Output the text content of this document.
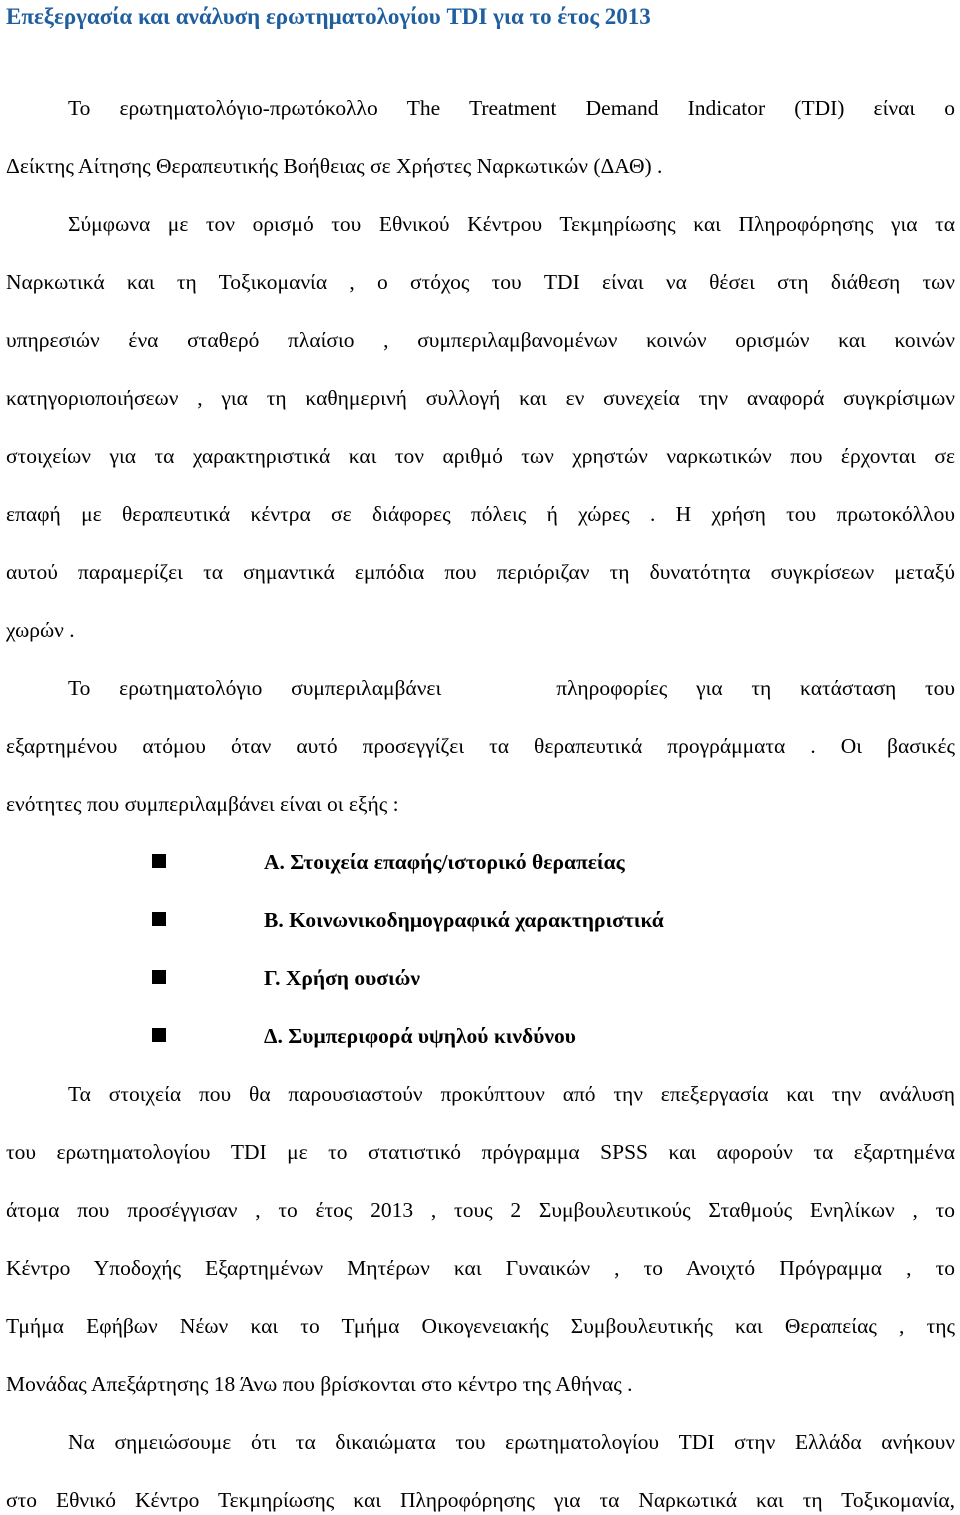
Επεξεργασία και ανάλυση ερωτηματολογίου TDI για το έτος 2013

Το ερωτηματολόγιο-πρωτόκολλο The Treatment Demand Indicator (TDI) είναι ο

Δείκτης Αίτησης Θεραπευτικής Βοήθειας σε Χρήστες Ναρκωτικών (ΔΑΘ) .

Σύμφωνα με τον ορισμό του Εθνικού Κέντρου Τεκμηρίωσης και Πληροφόρησης για τα

Ναρκωτικά και τη Τοξικομανία , ο στόχος του TDI είναι να θέσει στη διάθεση των

υπηρεσιών ένα σταθερό πλαίσιο , συμπεριλαμβανομένων κοινών ορισμών και κοινών

κατηγοριοποιήσεων , για τη καθημερινή συλλογή και εν συνεχεία την αναφορά συγκρίσιμων

στοιχείων για τα χαρακτηριστικά και τον αριθμό των χρηστών ναρκωτικών που έρχονται σε

επαφή με θεραπευτικά κέντρα σε διάφορες πόλεις ή χώρες . Η χρήση του πρωτοκόλλου

αυτού παραμερίζει τα σημαντικά εμπόδια που περιόριζαν τη δυνατότητα συγκρίσεων μεταξύ

χωρών .

Το ερωτηματολόγιο συμπεριλαμβάνει    πληροφορίες για τη κατάσταση του

εξαρτημένου ατόμου όταν αυτό προσεγγίζει τα θεραπευτικά προγράμματα . Οι βασικές

ενότητες που συμπεριλαμβάνει είναι οι εξής :

Α. Στοιχεία επαφής/ιστορικό θεραπείας
Β. Κοινωνικοδημογραφικά χαρακτηριστικά
Γ. Χρήση ουσιών
Δ. Συμπεριφορά υψηλού κινδύνου

Τα στοιχεία που θα παρουσιαστούν προκύπτουν από την επεξεργασία και την ανάλυση

του ερωτηματολογίου TDI με το στατιστικό πρόγραμμα SPSS και αφορούν τα εξαρτημένα

άτομα που προσέγγισαν , το έτος 2013 , τους 2 Συμβουλευτικούς Σταθμούς Ενηλίκων , το

Κέντρο Υποδοχής Εξαρτημένων Μητέρων και Γυναικών , το Ανοιχτό Πρόγραμμα , το

Τμήμα Εφήβων Νέων και το Τμήμα Οικογενειακής Συμβουλευτικής και Θεραπείας , της

Μονάδας Απεξάρτησης 18 Άνω που βρίσκονται στο κέντρο της Αθήνας .

Να σημειώσουμε ότι τα δικαιώματα του ερωτηματολογίου TDI στην Ελλάδα ανήκουν

στο Εθνικό Κέντρο Τεκμηρίωσης και Πληροφόρησης για τα Ναρκωτικά και τη Τοξικομανία,
